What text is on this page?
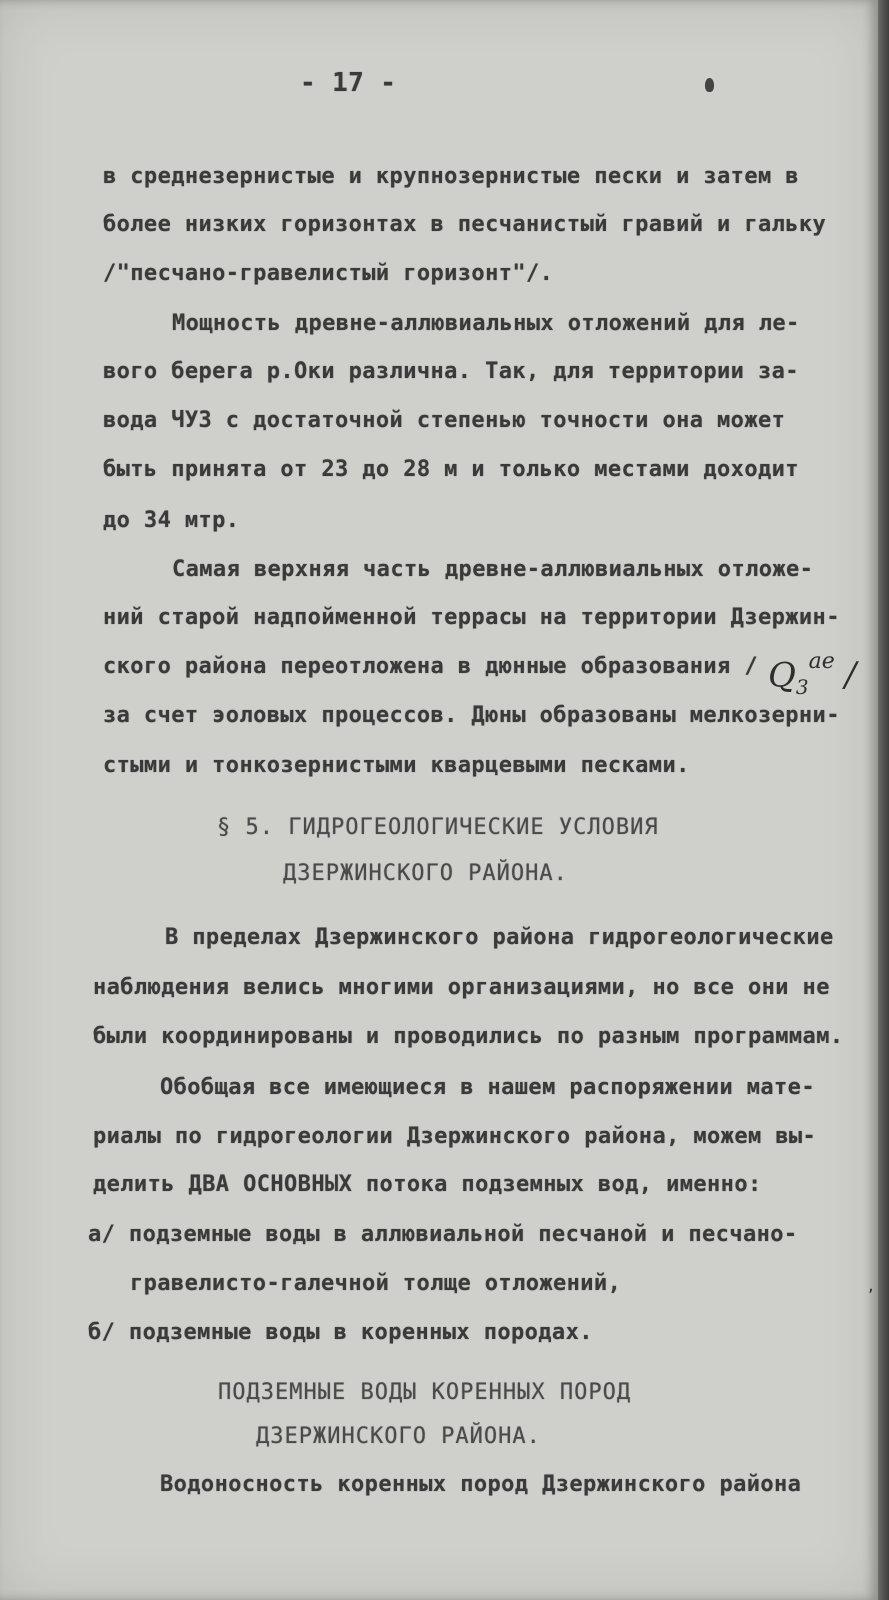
- 17 -
в среднезернистые и крупнозернистые пески и затем в
более низких горизонтах в песчанистый гравий и гальку
/"песчано-гравелистый горизонт"/.
Мощность древне-аллювиальных отложений для ле-
вого берега р.Оки различна. Так, для территории за-
вода ЧУЗ с достаточной степенью точности она может
быть принята от 23 до 28 м и только местами доходит
до 34 мтр.
Самая верхняя часть древне-аллювиальных отложе-
ний старой надпойменной террасы на территории Дзержин-
ского района переотложена в дюнные образования / $Q_3^{ae}$ /
за счет эоловых процессов. Дюны образованы мелкозерни-
стыми и тонкозернистыми кварцевыми песками.
§ 5. ГИДРОГЕОЛОГИЧЕСКИЕ УСЛОВИЯ
ДЗЕРЖИНСКОГО РАЙОНА.
В пределах Дзержинского района гидрогеологические
наблюдения велись многими организациями, но все они не
были координированы и проводились по разным программам.
Обобщая все имеющиеся в нашем распоряжении мате-
риалы по гидрогеологии Дзержинского района, можем вы-
делить ДВА ОСНОВНЫХ потока подземных вод, именно:
а/ подземные воды в аллювиальной песчаной и песчано-
гравелисто-галечной толще отложений,
б/ подземные воды в коренных породах.
,
ПОДЗЕМНЫЕ ВОДЫ КОРЕННЫХ ПОРОД
ДЗЕРЖИНСКОГО РАЙОНА.
Водоносность коренных пород Дзержинского района
